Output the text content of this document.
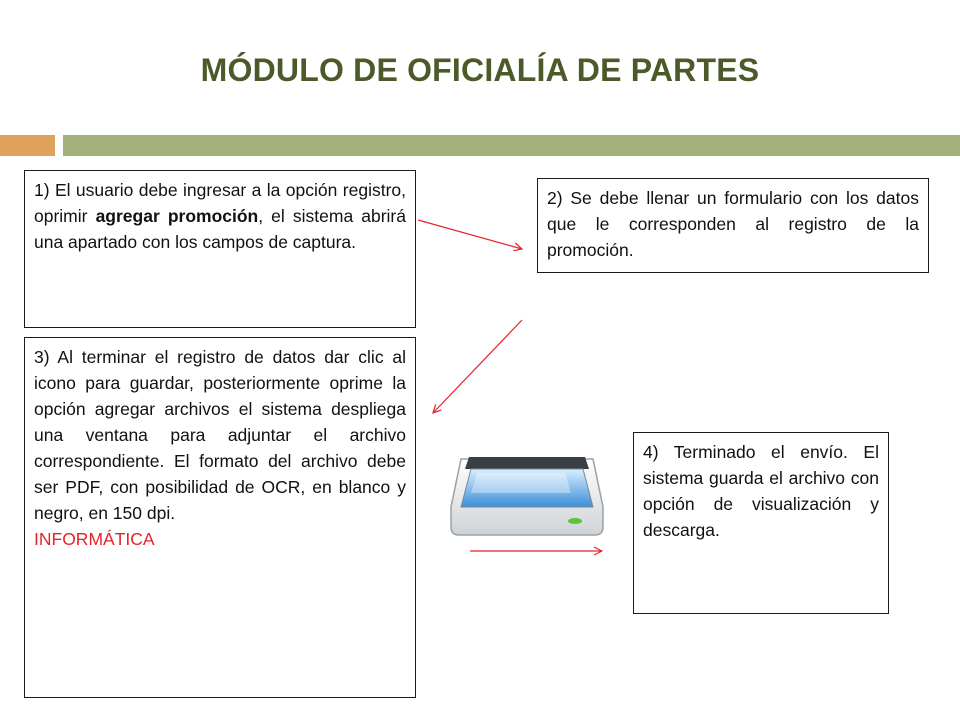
MÓDULO DE OFICIALÍA DE PARTES

1) El usuario debe ingresar a la opción registro, oprimir agregar promoción, el sistema abrirá una apartado con los campos de captura.

2) Se debe llenar un formulario con los datos que le corresponden al registro de la promoción.

3) Al terminar el registro de datos dar clic al icono para guardar, posteriormente oprime la opción agregar archivos el sistema despliega una ventana para adjuntar el archivo correspondiente. El formato del archivo debe ser PDF, con posibilidad de OCR, en blanco y negro, en 150 dpi.

INFORMÁTICA

4) Terminado el envío. El sistema guarda el archivo con opción de visualización y descarga.
